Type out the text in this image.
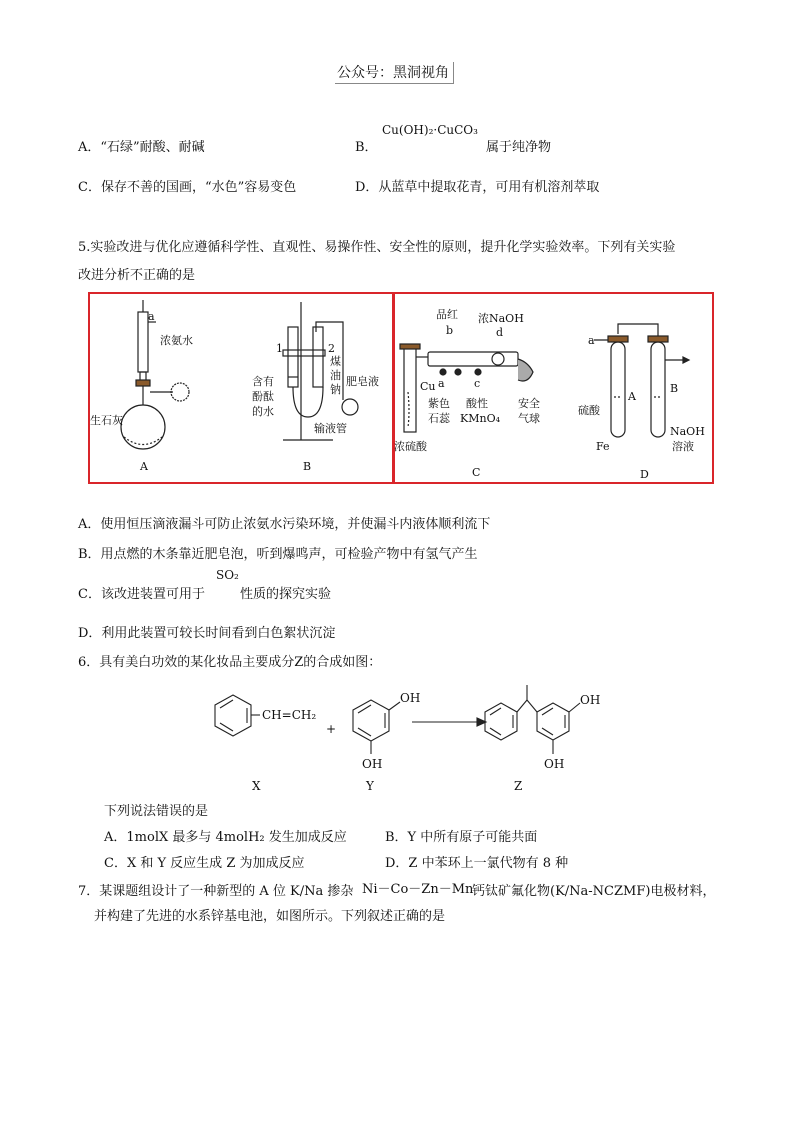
公众号：黑洞视角
A．“石绿”耐酸、耐碱	B．
Cu(OH)₂·CuCO₃
属于纯净物
C．保存不善的国画，“水色”容易变色	D．从蓝草中提取花青，可用有机溶剂萃取
5.实验改进与优化应遵循科学性、直观性、易操作性、安全性的原则，提升化学实验效率。下列有关实验
改进分析不正确的是
a
浓氨水
生石灰
A
1	2
煤
油
钠
含有
酚酞
的水
肥皂液
输液管
B
品红
b
浓NaOH
d
Cu a	c
紫色
石蕊
酸性
KMnO₄
安全
气球
浓硫酸
C
a
A
B
硫酸
Fe
NaOH
溶液
D
A．使用恒压滴液漏斗可防止浓氨水污染环境，并使漏斗内液体顺利流下
B．用点燃的木条靠近肥皂泡，听到爆鸣声，可检验产物中有氢气产生
C．该改进装置可用于
SO₂
性质的探究实验
D．利用此装置可较长时间看到白色絮状沉淀
6．具有美白功效的某化妆品主要成分Z的合成如图：
CH=CH₂
+
OH
OH
OH
OH
X	Y	Z
下列说法错误的是
A．1molX 最多与 4molH₂ 发生加成反应	B．Y 中所有原子可能共面
C．X 和 Y 反应生成 Z 为加成反应	D．Z 中苯环上一氯代物有 8 种
7．某课题组设计了一种新型的 A 位 K/Na 掺杂 Ni－Co－Zn－Mn
钙钛矿氟化物(K/Na-NCZMF)电极材料，
并构建了先进的水系锌基电池，如图所示。下列叙述正确的是
